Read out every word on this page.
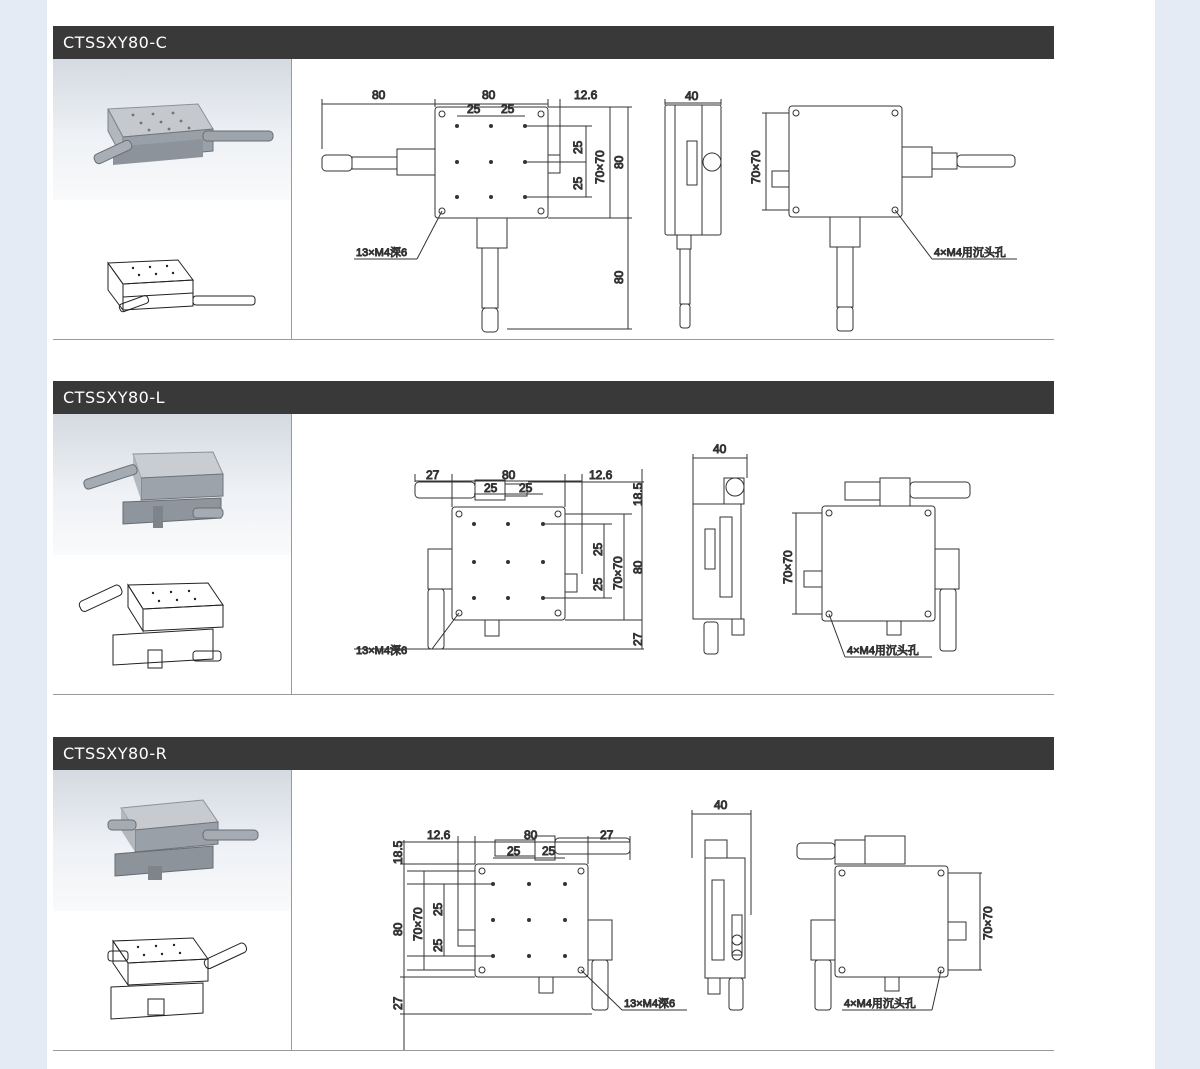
CTSSXY80-C
80	80	12.6
25 25
25
25 70×70 80
80
40
70×70
13×M4深6	4×M4用沉头孔
CTSSXY80-L
27	80	12.6
25 25	18.5
25
25 70×70 80
27
40
70×70
13×M4深6	4×M4用沉头孔
CTSSXY80-R
12.6	80	27
25 25
18.5
80 70×70 25
25
27
40
70×70
13×M4深6	4×M4用沉头孔
